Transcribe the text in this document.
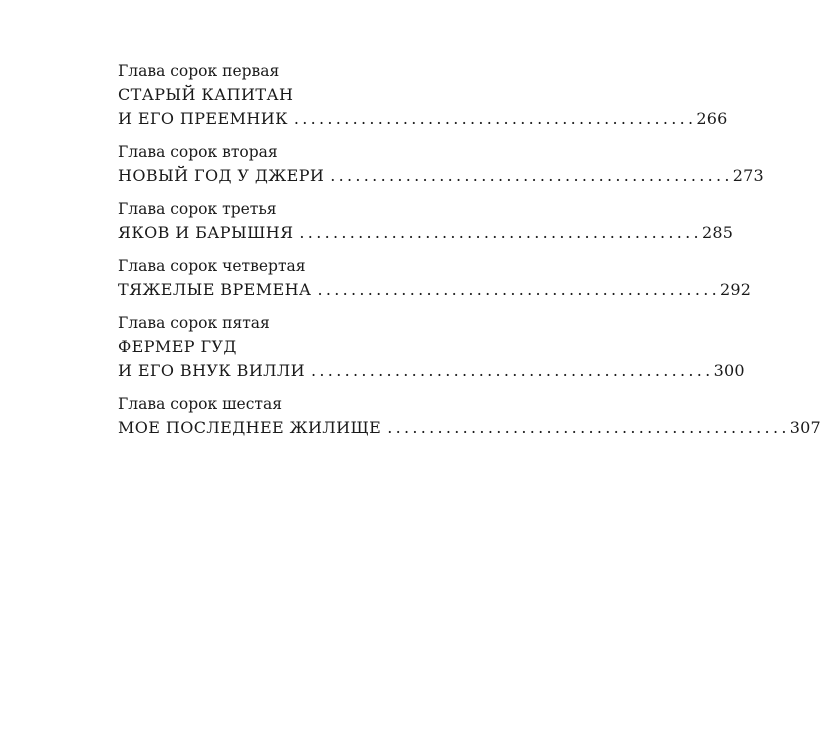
Глава сорок первая
СТАРЫЙ КАПИТАН
И ЕГО ПРЕЕМНИК ................................................ 266
Глава сорок вторая
НОВЫЙ ГОД У ДЖЕРИ ................................................ 273
Глава сорок третья
ЯКОВ И БАРЫШНЯ ................................................ 285
Глава сорок четвертая
ТЯЖЕЛЫЕ ВРЕМЕНА ................................................ 292
Глава сорок пятая
ФЕРМЕР ГУД
И ЕГО ВНУК ВИЛЛИ ................................................ 300
Глава сорок шестая
МОЕ ПОСЛЕДНЕЕ ЖИЛИЩЕ ................................................ 307
